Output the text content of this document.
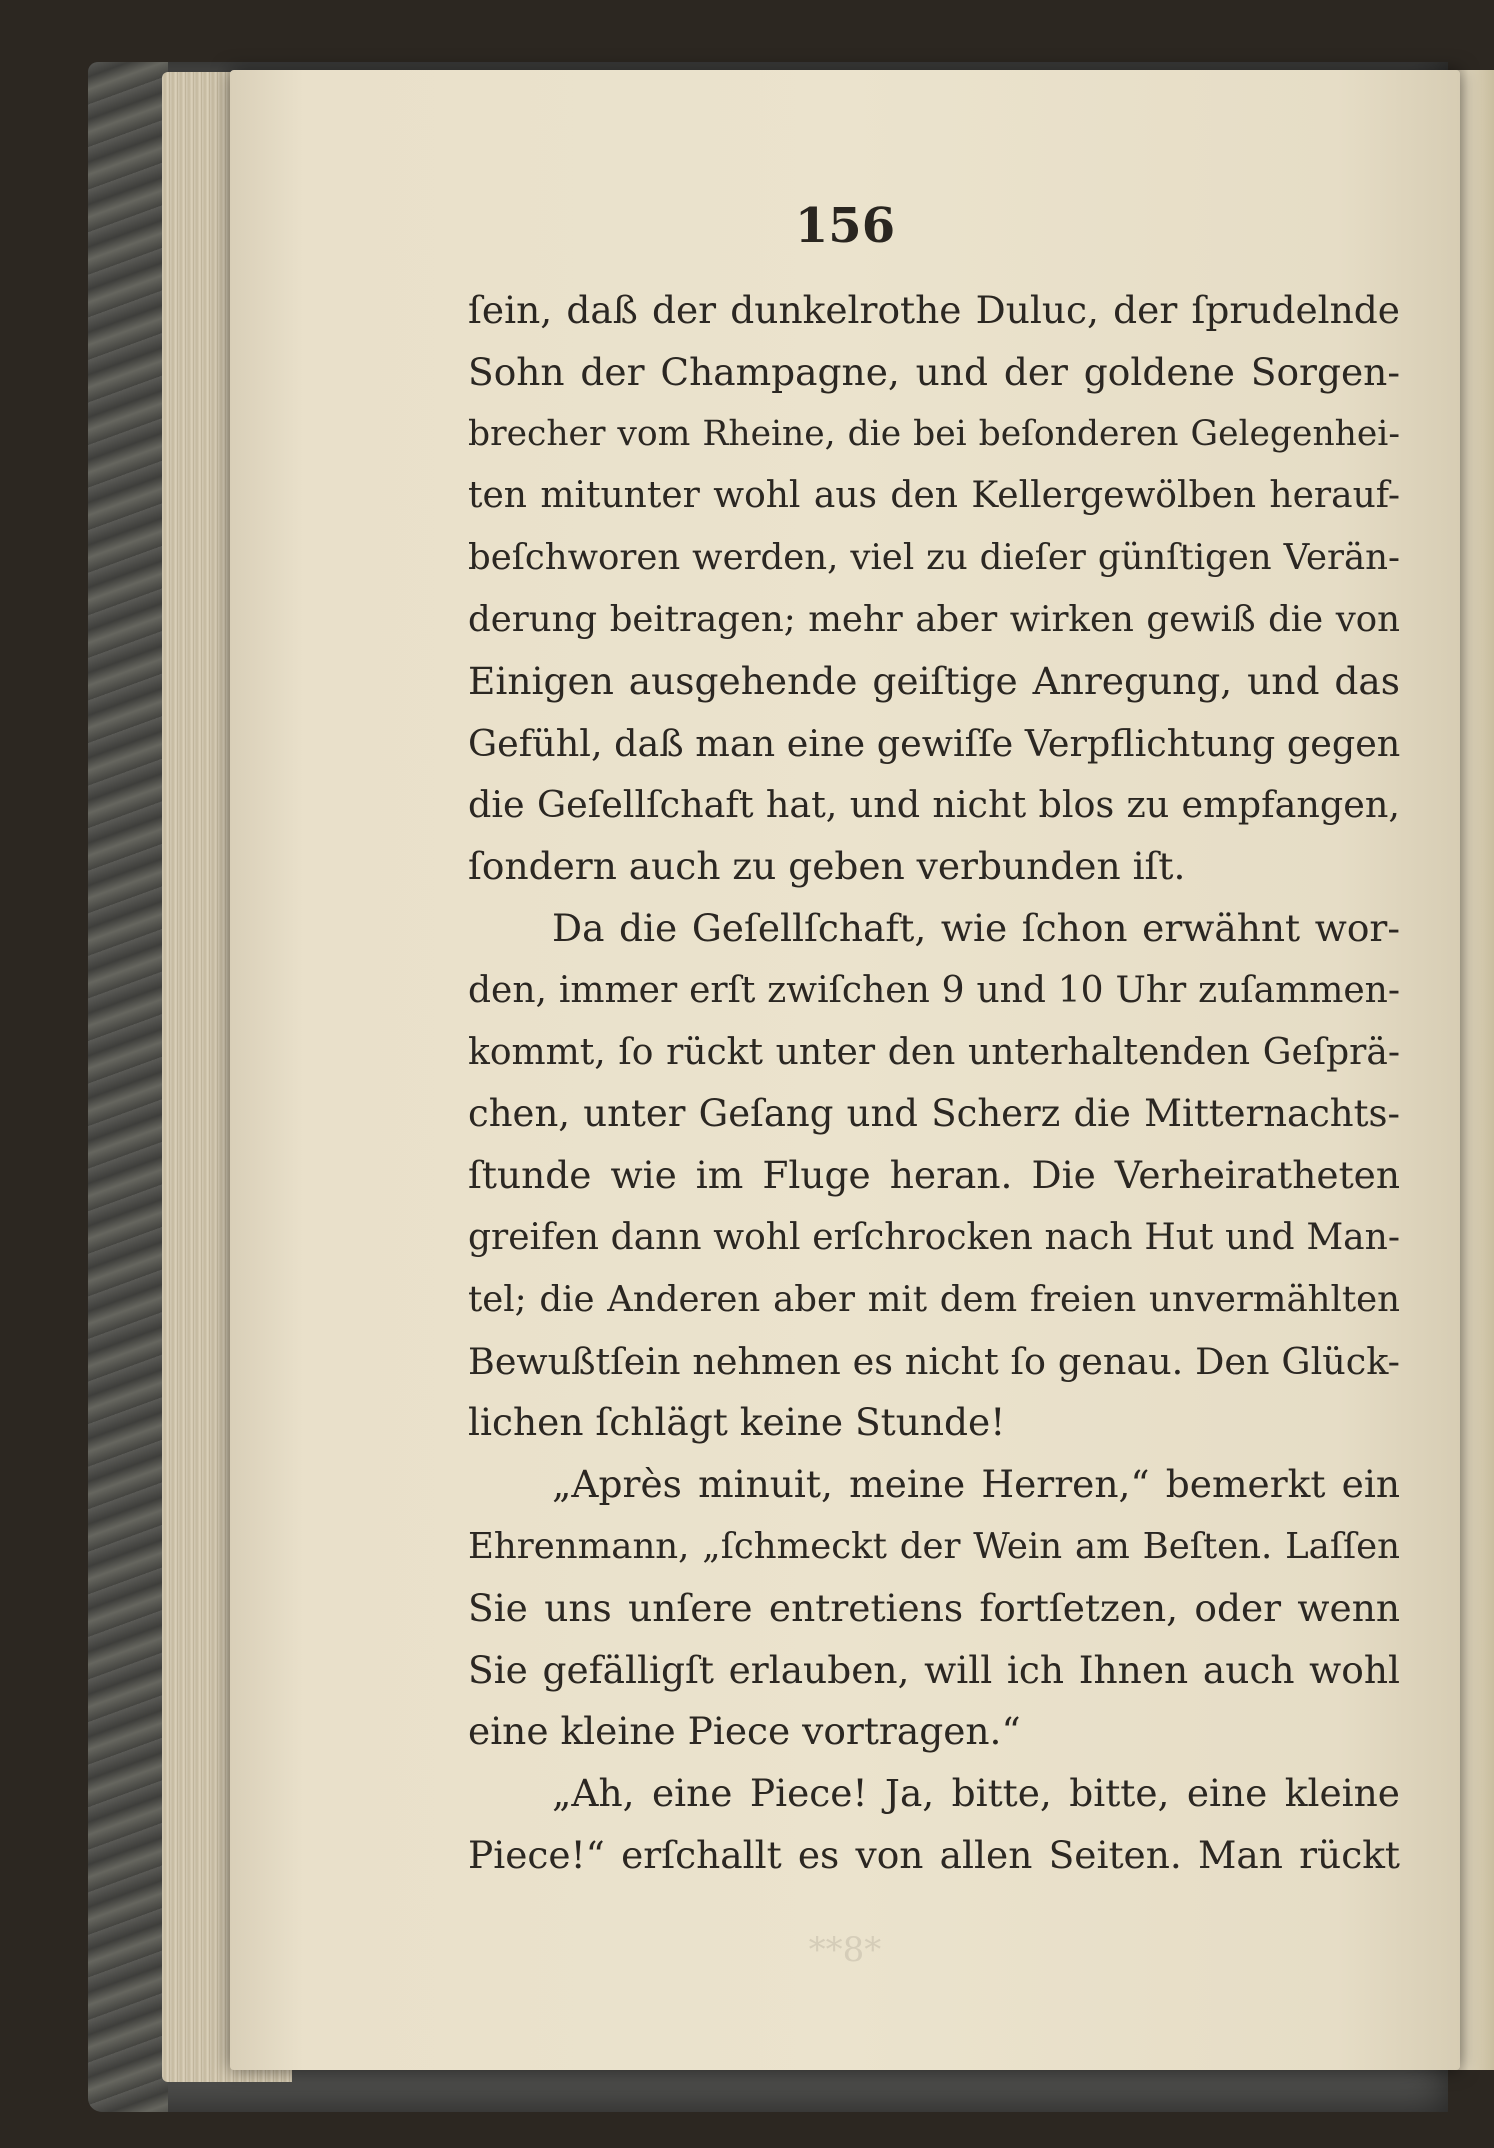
156
ſein, daß der dunkelrothe Duluc, der ſprudelnde
Sohn der Champagne, und der goldene Sorgen-
brecher vom Rheine, die bei beſonderen Gelegenhei-
ten mitunter wohl aus den Kellergewölben herauf-
beſchworen werden, viel zu dieſer günſtigen Verän-
derung beitragen; mehr aber wirken gewiß die von
Einigen ausgehende geiſtige Anregung, und das
Gefühl, daß man eine gewiſſe Verpflichtung gegen
die Geſellſchaft hat, und nicht blos zu empfangen,
ſondern auch zu geben verbunden iſt.
Da die Geſellſchaft, wie ſchon erwähnt wor-
den, immer erſt zwiſchen 9 und 10 Uhr zuſammen-
kommt, ſo rückt unter den unterhaltenden Geſprä-
chen, unter Geſang und Scherz die Mitternachts-
ſtunde wie im Fluge heran. Die Verheiratheten
greifen dann wohl erſchrocken nach Hut und Man-
tel; die Anderen aber mit dem freien unvermählten
Bewußtſein nehmen es nicht ſo genau. Den Glück-
lichen ſchlägt keine Stunde!
„Après minuit, meine Herren,“ bemerkt ein
Ehrenmann, „ſchmeckt der Wein am Beſten. Laſſen
Sie uns unſere entretiens fortſetzen, oder wenn
Sie gefälligſt erlauben, will ich Ihnen auch wohl
eine kleine Piece vortragen.“
„Ah, eine Piece! Ja, bitte, bitte, eine kleine
Piece!“ erſchallt es von allen Seiten. Man rückt
**8*
